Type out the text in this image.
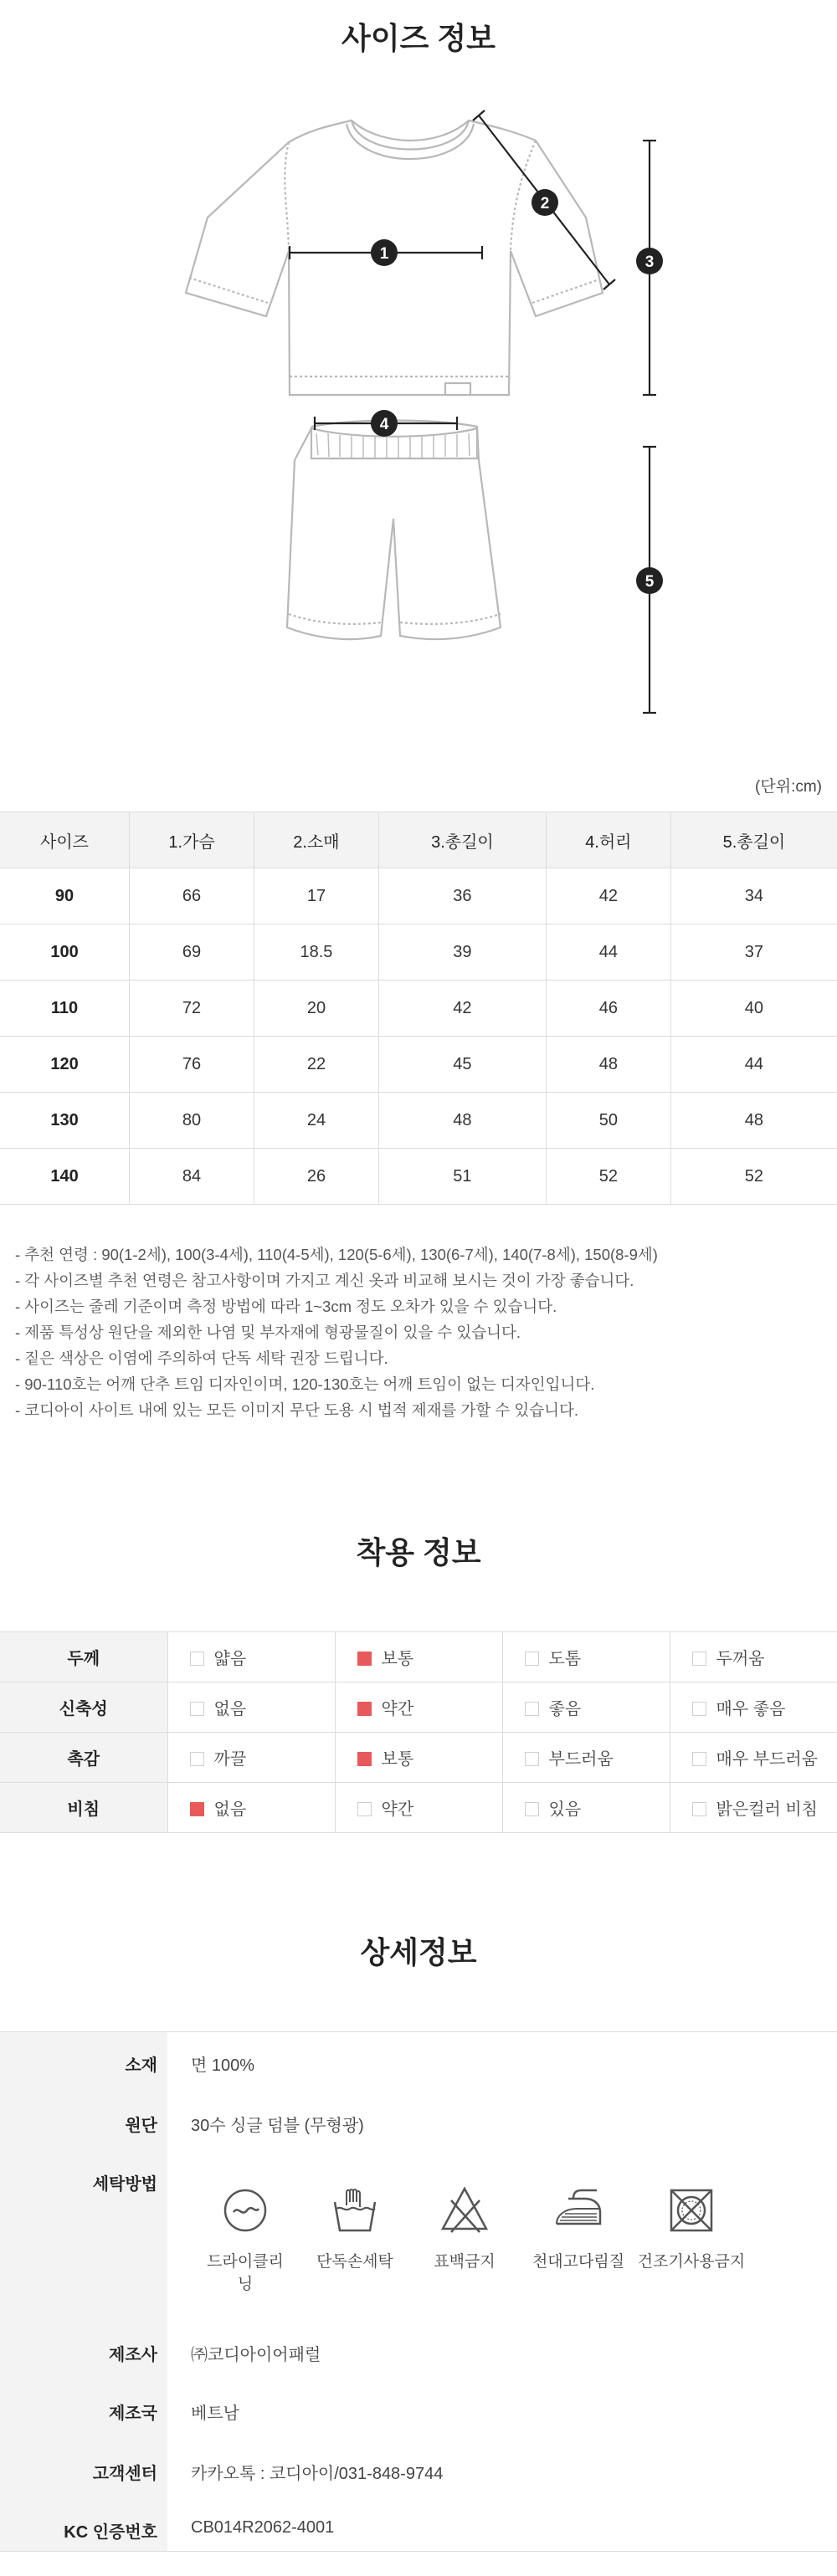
사이즈 정보
1
2
3
4
5
(단위:cm)
사이즈	1.가슴	2.소매	3.총길이	4.허리	5.총길이
90	66	17	36	42	34
100	69	18.5	39	44	37
110	72	20	42	46	40
120	76	22	45	48	44
130	80	24	48	50	48
140	84	26	51	52	52

- 추천 연령 : 90(1-2세), 100(3-4세), 110(4-5세), 120(5-6세), 130(6-7세), 140(7-8세), 150(8-9세)

- 각 사이즈별 추천 연령은 참고사항이며 가지고 계신 옷과 비교해 보시는 것이 가장 좋습니다.

- 사이즈는 줄레 기준이며 측정 방법에 따라 1~3cm 정도 오차가 있을 수 있습니다.

- 제품 특성상 원단을 제외한 나염 및 부자재에 형광물질이 있을 수 있습니다.

- 짙은 색상은 이염에 주의하여 단독 세탁 권장 드립니다.

- 90-110호는 어깨 단추 트임 디자인이며, 120-130호는 어깨 트임이 없는 디자인입니다.

- 코디아이 사이트 내에 있는 모든 이미지 무단 도용 시 법적 제재를 가할 수 있습니다.

착용 정보
두께	얇음	보통	도톰	두꺼움
신축성	없음	약간	좋음	매우 좋음
촉감	까끌	보통	부드러움	매우 부드러움
비침	없음	약간	있음	밝은컬러 비침
상세정보
소재 면 100%
원단 30수 싱글 덤블 (무형광)
세탁방법
드라이클리닝
단독손세탁	표백금지	천대고다림질 건조기사용금지
제조사 ㈜코디아이어패럴
제조국 베트남
고객센터 카카오톡 : 코디아이/031-848-9744
KC 인증번호 CB014R2062-4001
